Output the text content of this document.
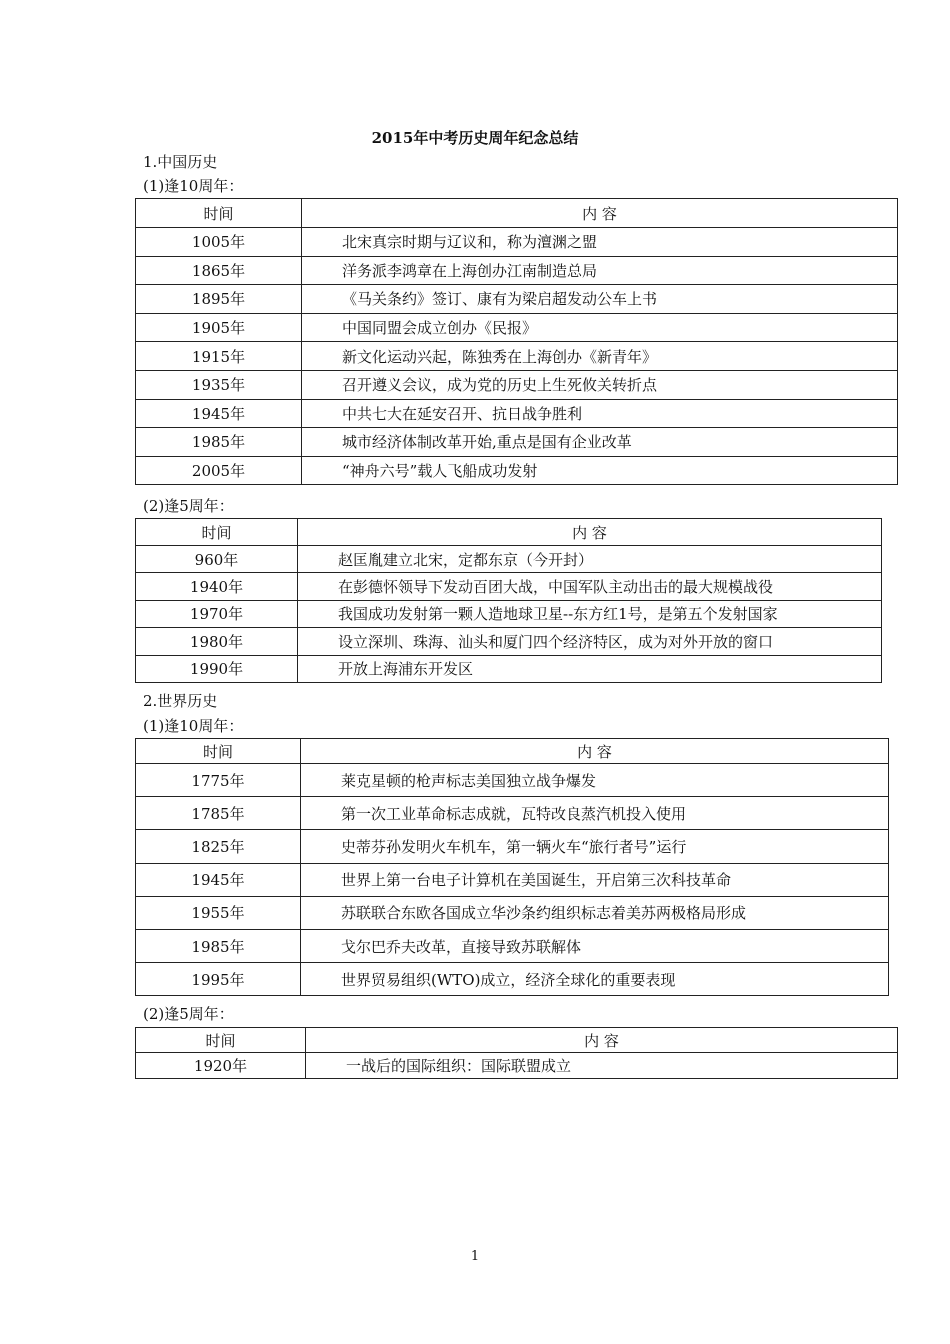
2015年中考历史周年纪念总结
1.中国历史
(1)逢10周年：
时间	内 容
1005年	北宋真宗时期与辽议和，称为澶渊之盟
1865年	洋务派李鸿章在上海创办江南制造总局
1895年	《马关条约》签订、康有为梁启超发动公车上书
1905年	中国同盟会成立创办《民报》
1915年	新文化运动兴起，陈独秀在上海创办《新青年》
1935年	召开遵义会议，成为党的历史上生死攸关转折点
1945年	中共七大在延安召开、抗日战争胜利
1985年	城市经济体制改革开始,重点是国有企业改革
2005年	“神舟六号”载人飞船成功发射
(2)逢5周年：
时间	内 容
960年	赵匡胤建立北宋，定都东京（今开封）
1940年	在彭德怀领导下发动百团大战，中国军队主动出击的最大规模战役
1970年	我国成功发射第一颗人造地球卫星--东方红1号，是第五个发射国家
1980年	设立深圳、珠海、汕头和厦门四个经济特区，成为对外开放的窗口
1990年	开放上海浦东开发区
2.世界历史
(1)逢10周年：
时间	内 容
1775年	莱克星顿的枪声标志美国独立战争爆发
1785年	第一次工业革命标志成就，瓦特改良蒸汽机投入使用
1825年	史蒂芬孙发明火车机车，第一辆火车“旅行者号”运行
1945年	世界上第一台电子计算机在美国诞生，开启第三次科技革命
1955年	苏联联合东欧各国成立华沙条约组织标志着美苏两极格局形成
1985年	戈尔巴乔夫改革，直接导致苏联解体
1995年	世界贸易组织(WTO)成立，经济全球化的重要表现
(2)逢5周年：
时间	内 容
1920年	一战后的国际组织：国际联盟成立
1
